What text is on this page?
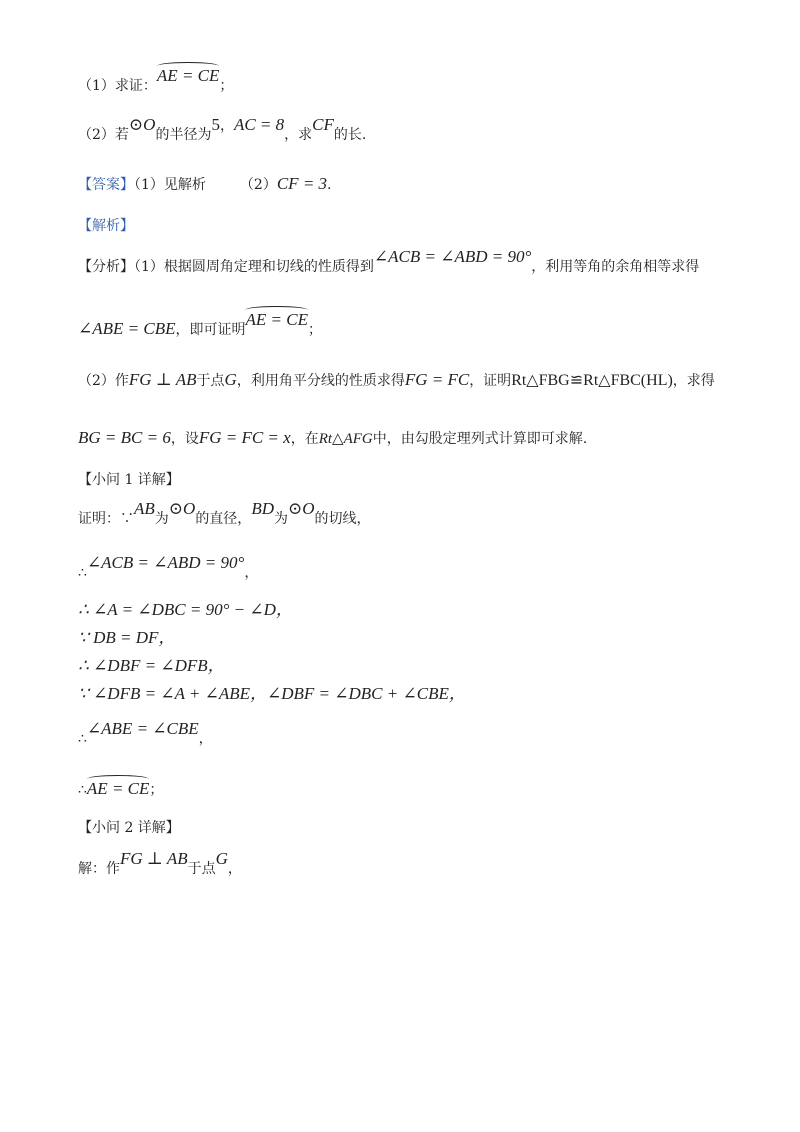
（1）求证：AE = CE；
（2）若⊙O的半径为5，AC = 8，求CF的长.
【答案】（1）见解析 （2）CF = 3.
【解析】
【分析】（1）根据圆周角定理和切线的性质得到∠ACB = ∠ABD = 90°，利用等角的余角相等求得
∠ABE = CBE，即可证明AE = CE；
（2）作FG ⊥ AB于点G，利用角平分线的性质求得FG = FC，证明Rt△FBG≌Rt△FBC(HL)，求得
BG = BC = 6，设FG = FC = x，在Rt△AFG中，由勾股定理列式计算即可求解.
【小问 1 详解】
证明：∵AB为⊙O的直径，BD为⊙O的切线，
∴∠ACB = ∠ABD = 90°，
∴ ∠A = ∠DBC = 90° − ∠D，
∵ DB = DF，
∴ ∠DBF = ∠DFB，
∵ ∠DFB = ∠A + ∠ABE，∠DBF = ∠DBC + ∠CBE，
∴∠ABE = ∠CBE，
∴AE = CE；
【小问 2 详解】
解：作FG ⊥ AB于点G，
